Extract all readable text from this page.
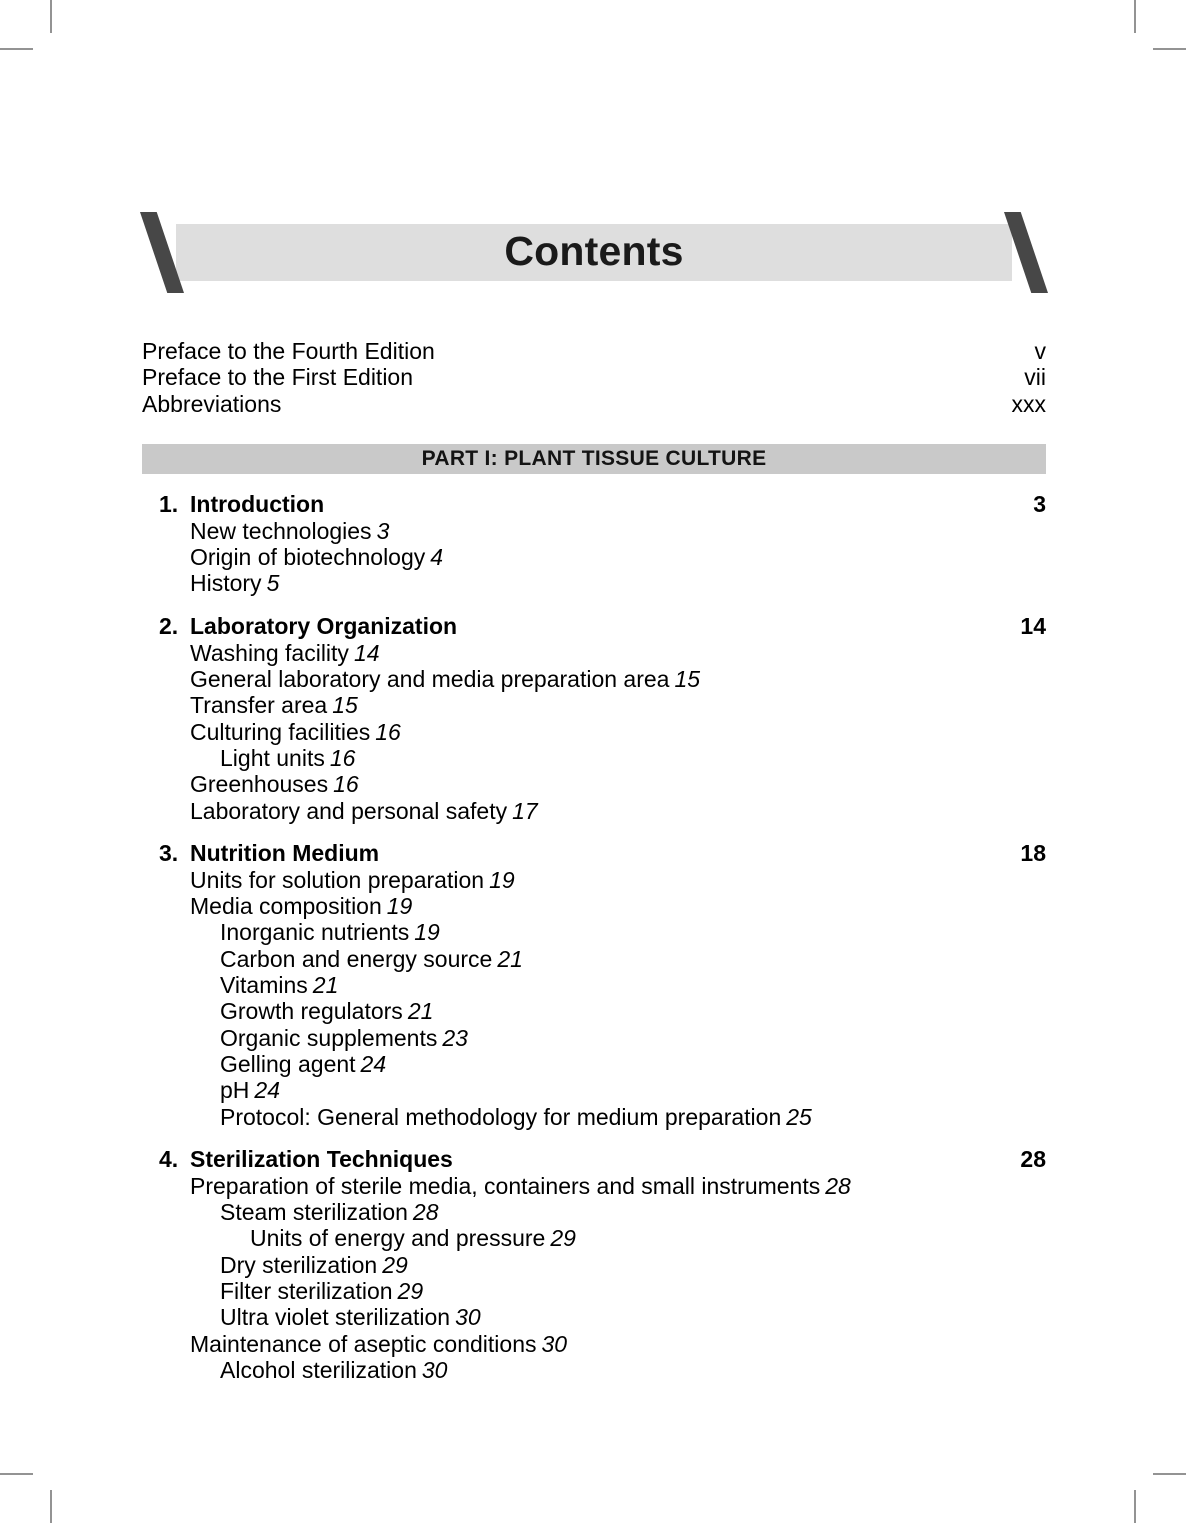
Contents
Preface to the Fourth Edition	v
Preface to the First Edition	vii
Abbreviations	xxx
PART I: PLANT TISSUE CULTURE
1. Introduction	3
New technologies 3
Origin of biotechnology 4
History 5
2. Laboratory Organization	14
Washing facility 14
General laboratory and media preparation area 15
Transfer area 15
Culturing facilities 16
Light units 16
Greenhouses 16
Laboratory and personal safety 17
3. Nutrition Medium	18
Units for solution preparation 19
Media composition 19
Inorganic nutrients 19
Carbon and energy source 21
Vitamins 21
Growth regulators 21
Organic supplements 23
Gelling agent 24
pH 24
Protocol: General methodology for medium preparation 25
4. Sterilization Techniques	28
Preparation of sterile media, containers and small instruments 28
Steam sterilization 28
Units of energy and pressure 29
Dry sterilization 29
Filter sterilization 29
Ultra violet sterilization 30
Maintenance of aseptic conditions 30
Alcohol sterilization 30
